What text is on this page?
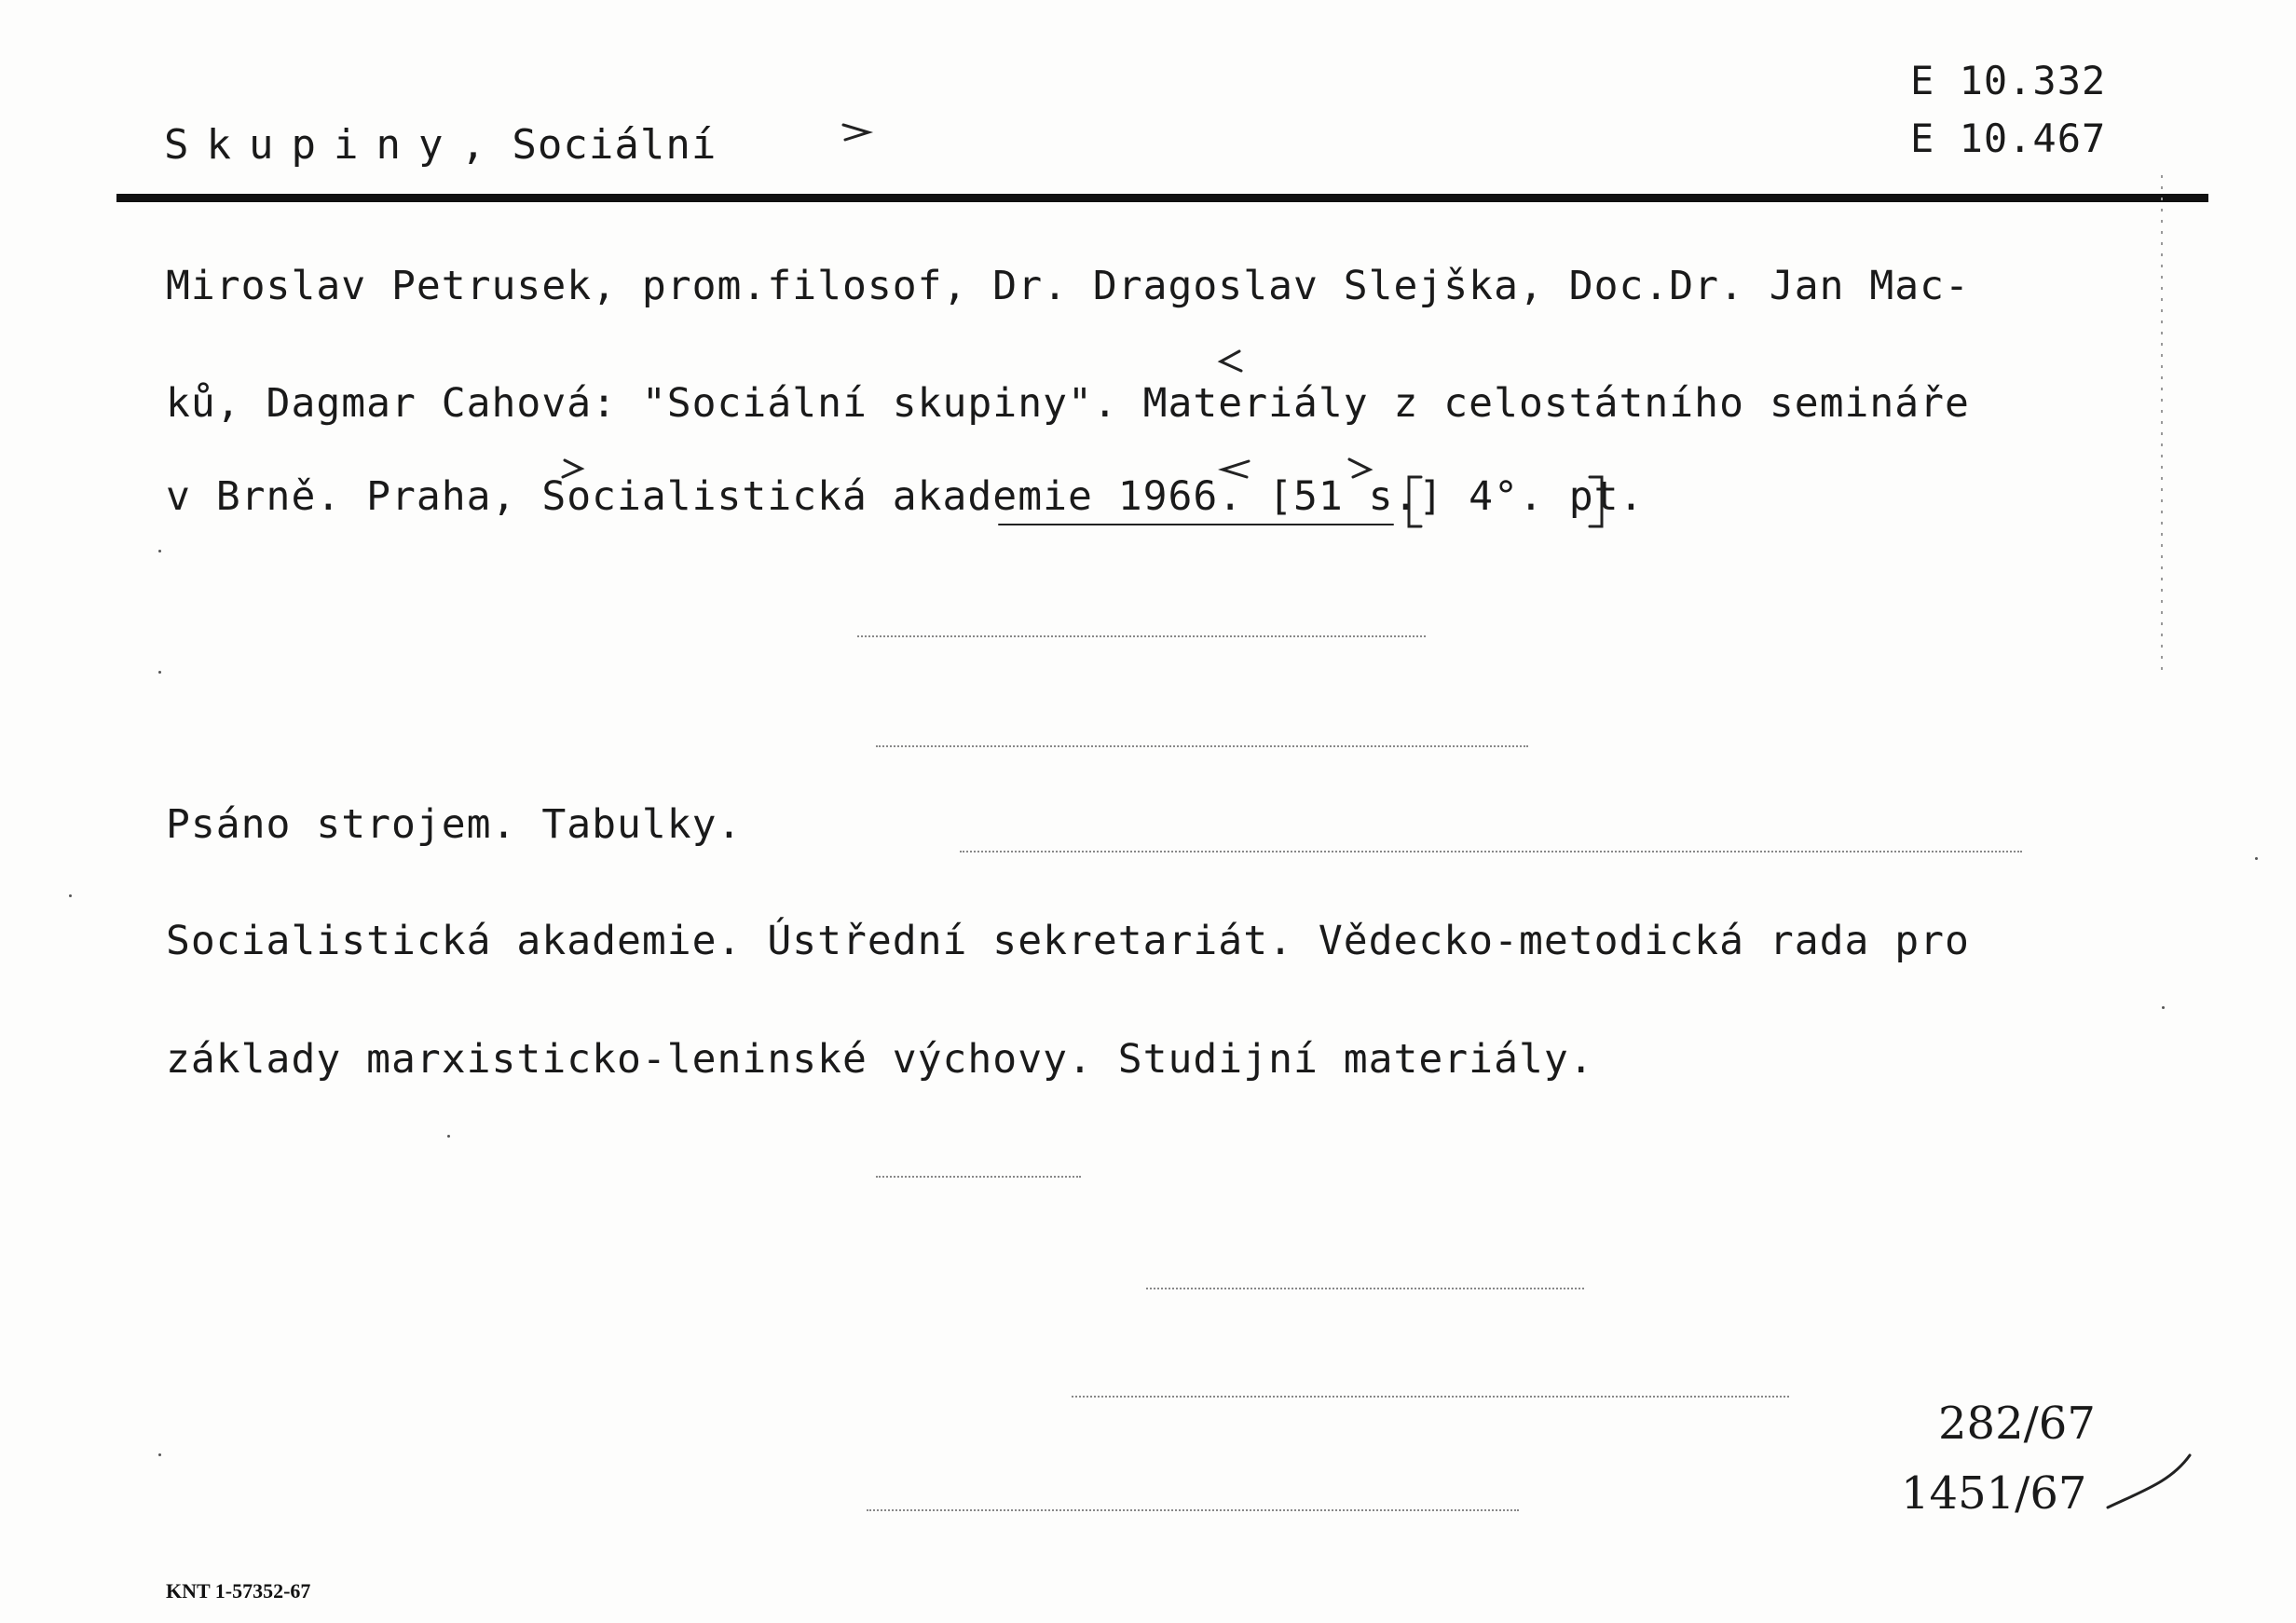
Skupiny, Sociální
E 10.332
E 10.467
Miroslav Petrusek, prom.filosof, Dr. Dragoslav Slejška, Doc.Dr. Jan Mac-
ků, Dagmar Cahová: "Sociální skupiny". Materiály z celostátního semináře
v Brně. Praha, Socialistická akademie 1966. [51 s.] 4°. pt.
Psáno strojem. Tabulky.
Socialistická akademie. Ústřední sekretariát. Vědecko-metodická rada pro
základy marxisticko-leninské výchovy. Studijní materiály.
282/67
1451/67
KNT 1-57352-67
